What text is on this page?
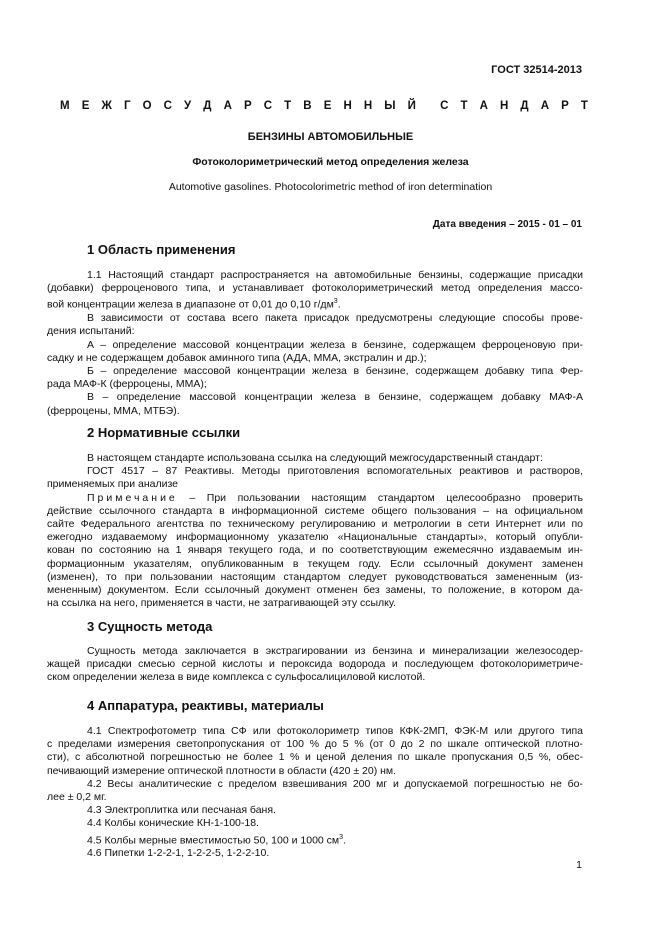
ГОСТ 32514-2013
М Е Ж Г О С У Д А Р С Т В Е Н Н Ы Й С Т А Н Д А Р Т
БЕНЗИНЫ АВТОМОБИЛЬНЫЕ
Фотоколориметрический метод определения железа
Automotive gasolines. Photocolorimetric method of iron determination
Дата введения – 2015 - 01 – 01
1 Область применения
1.1 Настоящий стандарт распространяется на автомобильные бензины, содержащие присадки
(добавки) ферроценового типа, и устанавливает фотоколориметрический метод определения массо-
вой концентрации железа в диапазоне от 0,01 до 0,10 $г/дм^3$.
В зависимости от состава всего пакета присадок предусмотрены следующие способы прове-
дения испытаний:
А – определение массовой концентрации железа в бензине, содержащем ферроценовую при-
садку и не содержащем добавок аминного типа (АДА, ММА, экстралин и др.);
Б – определение массовой концентрации железа в бензине, содержащем добавку типа Фер-
рада МАФ-К (ферроцены, ММА);
В – определение массовой концентрации железа в бензине, содержащем добавку МАФ-А
(ферроцены, ММА, МТБЭ).
2 Нормативные ссылки
В настоящем стандарте использована ссылка на следующий межгосударственный стандарт:
ГОСТ 4517 – 87 Реактивы. Методы приготовления вспомогательных реактивов и растворов,
применяемых при анализе
Примечание – При пользовании настоящим стандартом целесообразно проверить
действие ссылочного стандарта в информационной системе общего пользования – на официальном
сайте Федерального агентства по техническому регулированию и метрологии в сети Интернет или по
ежегодно издаваемому информационному указателю «Национальные стандарты», который опубли-
кован по состоянию на 1 января текущего года, и по соответствующим ежемесячно издаваемым ин-
формационным указателям, опубликованным в текущем году. Если ссылочный документ заменен
(изменен), то при пользовании настоящим стандартом следует руководствоваться замененным (из-
мененным) документом. Если ссылочный документ отменен без замены, то положение, в котором да-
на ссылка на него, применяется в части, не затрагивающей эту ссылку.
3 Сущность метода
Сущность метода заключается в экстрагировании из бензина и минерализации железосодер-
жащей присадки смесью серной кислоты и пероксида водорода и последующем фотоколориметриче-
ском определении железа в виде комплекса с сульфосалициловой кислотой.
4 Аппаратура, реактивы, материалы
4.1 Спектрофотометр типа СФ или фотоколориметр типов КФК-2МП, ФЭК-М или другого типа
с пределами измерения светопропускания от 100 % до 5 % (от 0 до 2 по шкале оптической плотно-
сти), с абсолютной погрешностью не более 1 % и ценой деления по шкале пропускания 0,5 %, обес-
печивающий измерение оптической плотности в области (420 ± 20) нм.
4.2 Весы аналитические с пределом взвешивания 200 мг и допускаемой погрешностью не бо-
лее ± 0,2 мг.
4.3 Электроплитка или песчаная баня.
4.4 Колбы конические КН-1-100-18.
4.5 Колбы мерные вместимостью 50, 100 и 1000 $см^3$.
4.6 Пипетки 1-2-2-1, 1-2-2-5, 1-2-2-10.
1
